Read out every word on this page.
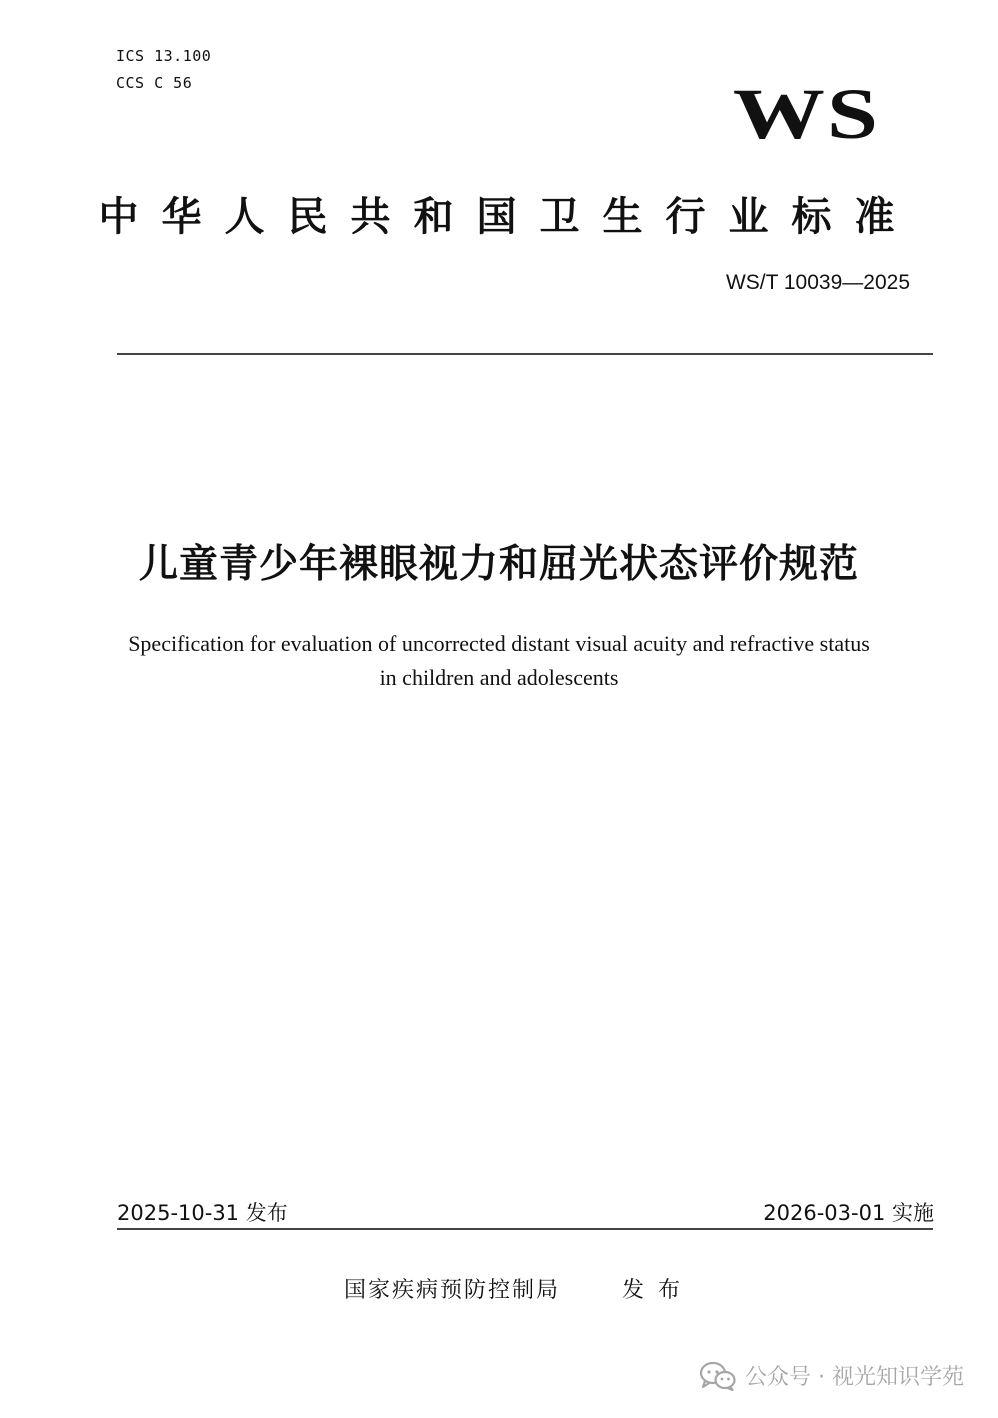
ICS 13.100
CCS C 56	WS
中华人民共和国卫生行业标准
WS/T 10039—2025
儿童青少年裸眼视力和屈光状态评价规范
Specification for evaluation of uncorrected distant visual acuity and refractive status
in children and adolescents
2025-10-31 发布	2026-03-01 实施
国家疾病预防控制局	发布
公众号 · 视光知识学苑
